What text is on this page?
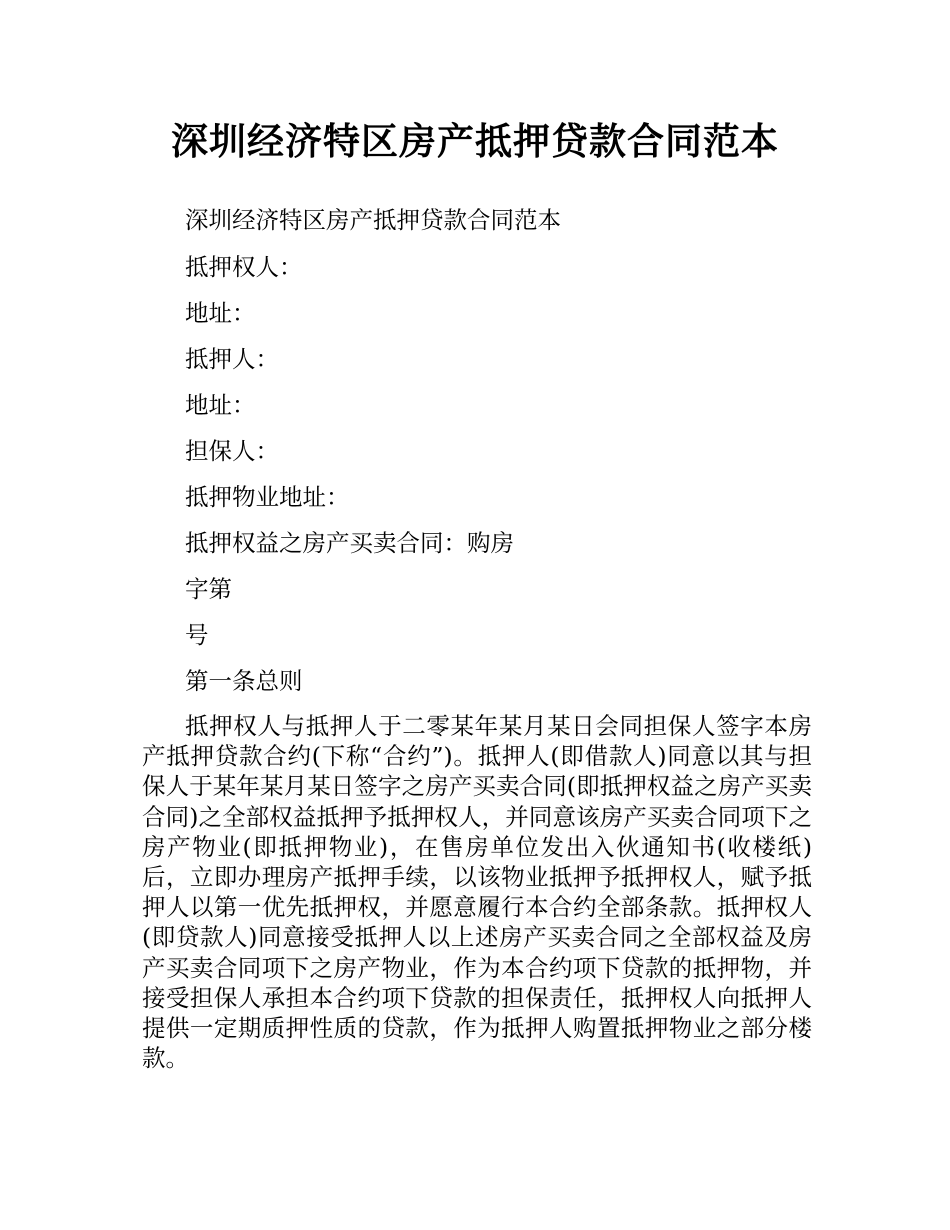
深圳经济特区房产抵押贷款合同范本

深圳经济特区房产抵押贷款合同范本

抵押权人：

地址：

抵押人：

地址：

担保人：

抵押物业地址：

抵押权益之房产买卖合同：购房

字第

号

第一条总则

抵押权人与抵押人于二零某年某月某日会同担保人签字本房产抵押贷款合约(下称“合约”)。抵押人(即借款人)同意以其与担保人于某年某月某日签字之房产买卖合同(即抵押权益之房产买卖合同)之全部权益抵押予抵押权人，并同意该房产买卖合同项下之房产物业(即抵押物业)，在售房单位发出入伙通知书(收楼纸)后，立即办理房产抵押手续，以该物业抵押予抵押权人，赋予抵押人以第一优先抵押权，并愿意履行本合约全部条款。抵押权人(即贷款人)同意接受抵押人以上述房产买卖合同之全部权益及房产买卖合同项下之房产物业，作为本合约项下贷款的抵押物，并接受担保人承担本合约项下贷款的担保责任，抵押权人向抵押人提供一定期质押性质的贷款，作为抵押人购置抵押物业之部分楼款。
